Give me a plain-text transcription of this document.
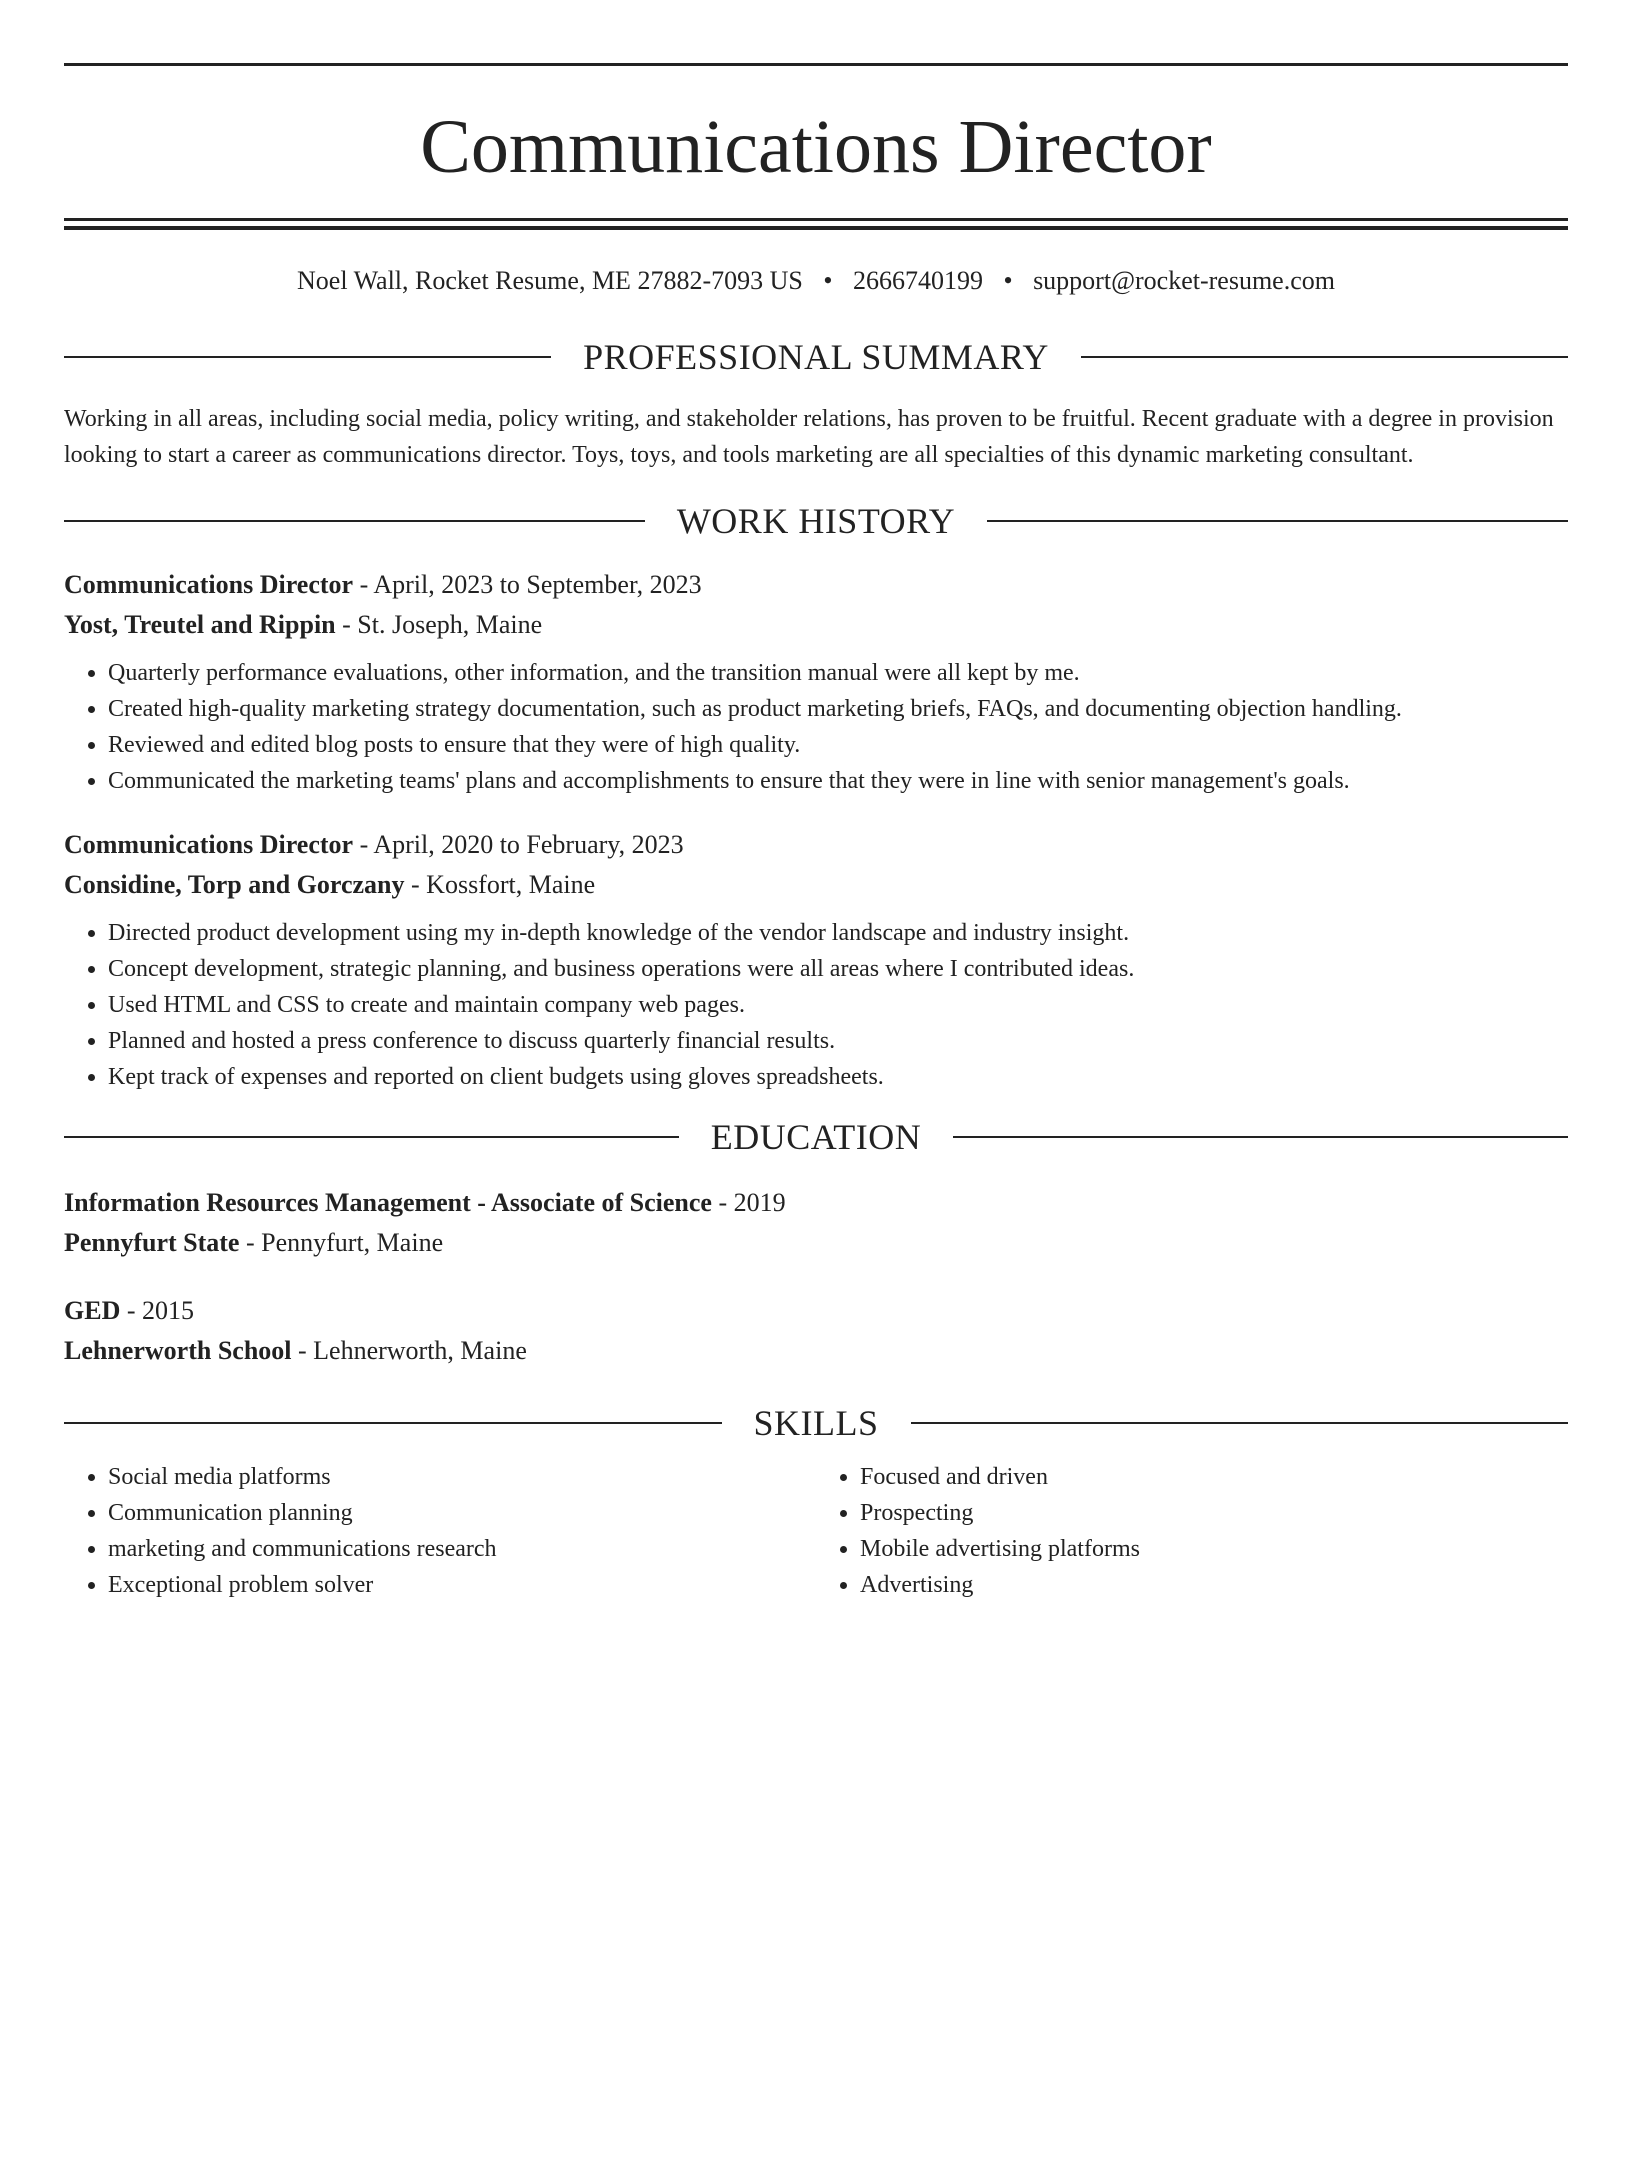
Communications Director
Noel Wall, Rocket Resume, ME 27882-7093 US • 2666740199 • support@rocket-resume.com
PROFESSIONAL SUMMARY

Working in all areas, including social media, policy writing, and stakeholder relations, has proven to be fruitful. Recent graduate with a degree in provision looking to start a career as communications director. Toys, toys, and tools marketing are all specialties of this dynamic marketing consultant.

WORK HISTORY
Communications Director - April, 2023 to September, 2023
Yost, Treutel and Rippin - St. Joseph, Maine
• Quarterly performance evaluations, other information, and the transition manual were all kept by me.
• Created high-quality marketing strategy documentation, such as product marketing briefs, FAQs, and documenting objection handling.
• Reviewed and edited blog posts to ensure that they were of high quality.
• Communicated the marketing teams' plans and accomplishments to ensure that they were in line with senior management's goals.
Communications Director - April, 2020 to February, 2023
Considine, Torp and Gorczany - Kossfort, Maine
• Directed product development using my in-depth knowledge of the vendor landscape and industry insight.
• Concept development, strategic planning, and business operations were all areas where I contributed ideas.
• Used HTML and CSS to create and maintain company web pages.
• Planned and hosted a press conference to discuss quarterly financial results.
• Kept track of expenses and reported on client budgets using gloves spreadsheets.
EDUCATION
Information Resources Management - Associate of Science - 2019
Pennyfurt State - Pennyfurt, Maine
GED - 2015
Lehnerworth School - Lehnerworth, Maine
SKILLS
• Social media platforms
• Communication planning
• marketing and communications research
• Exceptional problem solver
• Focused and driven
• Prospecting
• Mobile advertising platforms
• Advertising
